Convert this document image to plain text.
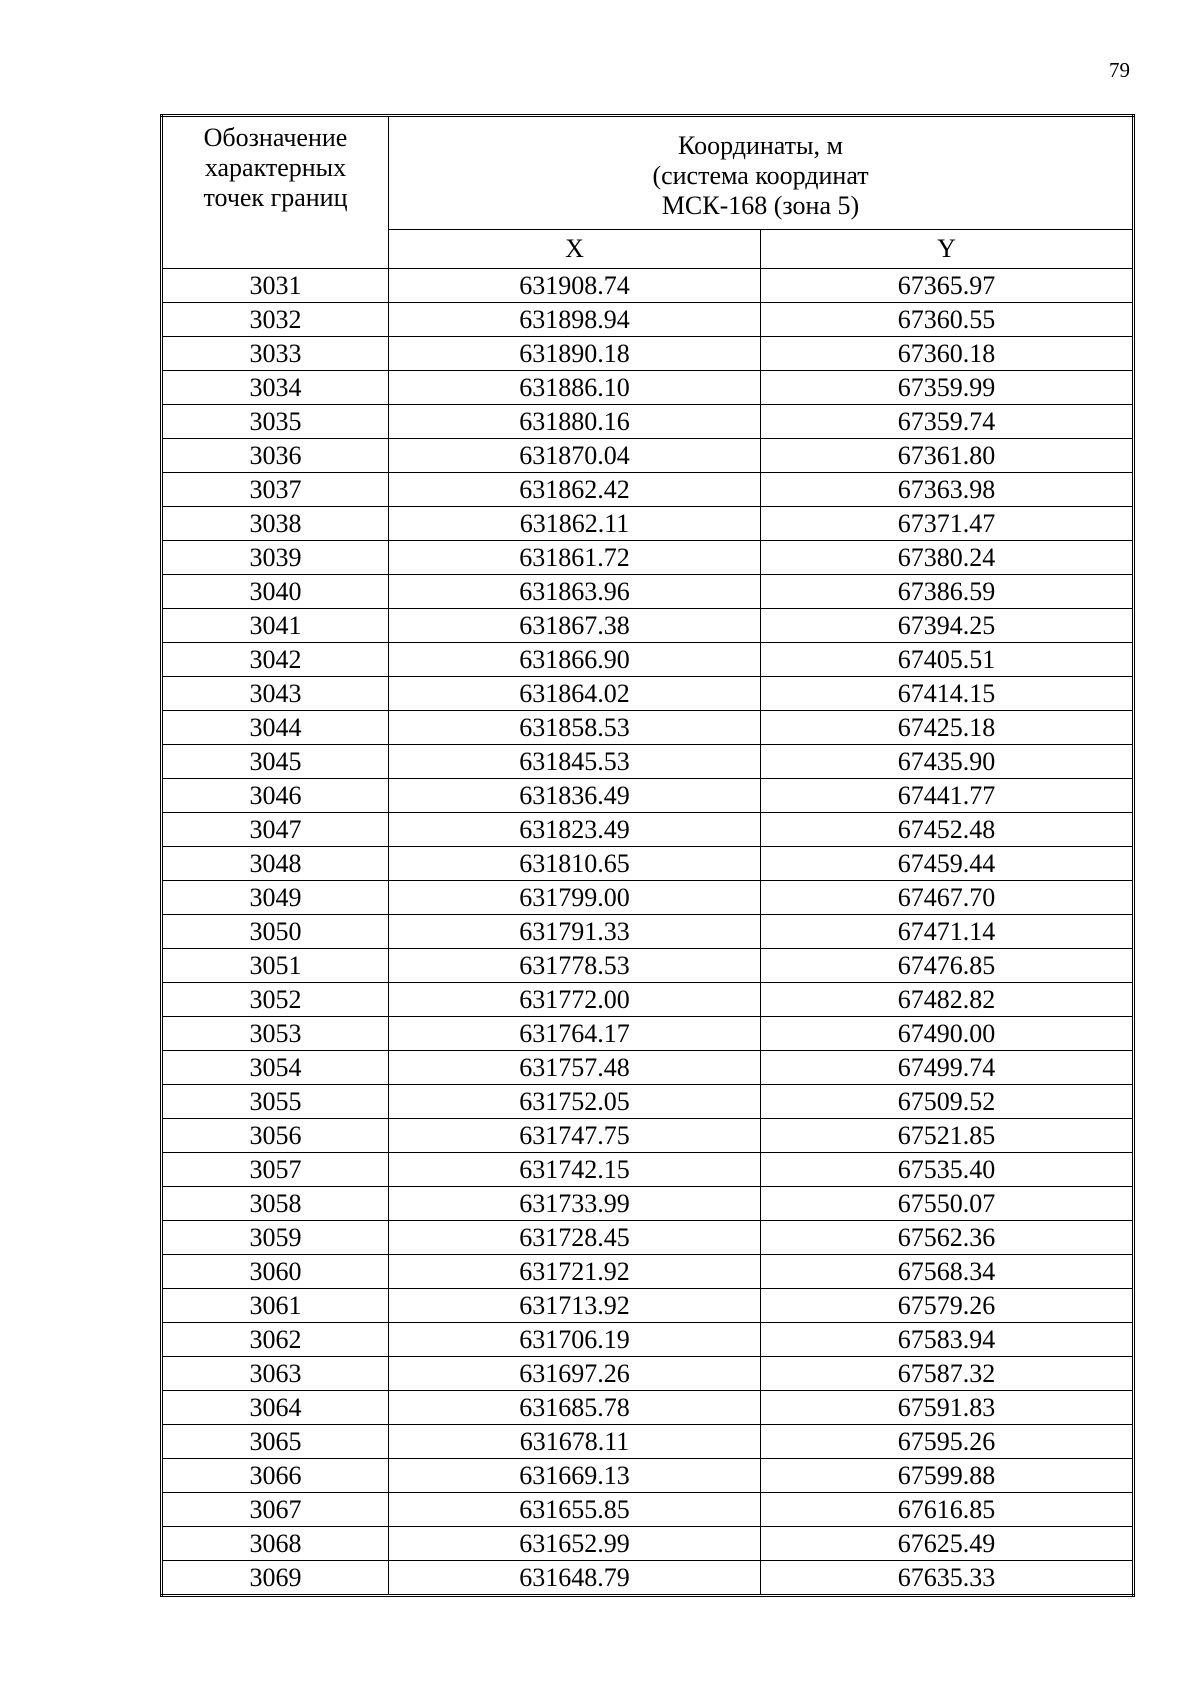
79
Обозначение
характерных
точек границ	Координаты, м
(система координат
МСК-168 (зона 5)	

	X	Y
3031	631908.74	67365.97
3032	631898.94	67360.55
3033	631890.18	67360.18
3034	631886.10	67359.99
3035	631880.16	67359.74
3036	631870.04	67361.80
3037	631862.42	67363.98
3038	631862.11	67371.47
3039	631861.72	67380.24
3040	631863.96	67386.59
3041	631867.38	67394.25
3042	631866.90	67405.51
3043	631864.02	67414.15
3044	631858.53	67425.18
3045	631845.53	67435.90
3046	631836.49	67441.77
3047	631823.49	67452.48
3048	631810.65	67459.44
3049	631799.00	67467.70
3050	631791.33	67471.14
3051	631778.53	67476.85
3052	631772.00	67482.82
3053	631764.17	67490.00
3054	631757.48	67499.74
3055	631752.05	67509.52
3056	631747.75	67521.85
3057	631742.15	67535.40
3058	631733.99	67550.07
3059	631728.45	67562.36
3060	631721.92	67568.34
3061	631713.92	67579.26
3062	631706.19	67583.94
3063	631697.26	67587.32
3064	631685.78	67591.83
3065	631678.11	67595.26
3066	631669.13	67599.88
3067	631655.85	67616.85
3068	631652.99	67625.49
3069	631648.79	67635.33
